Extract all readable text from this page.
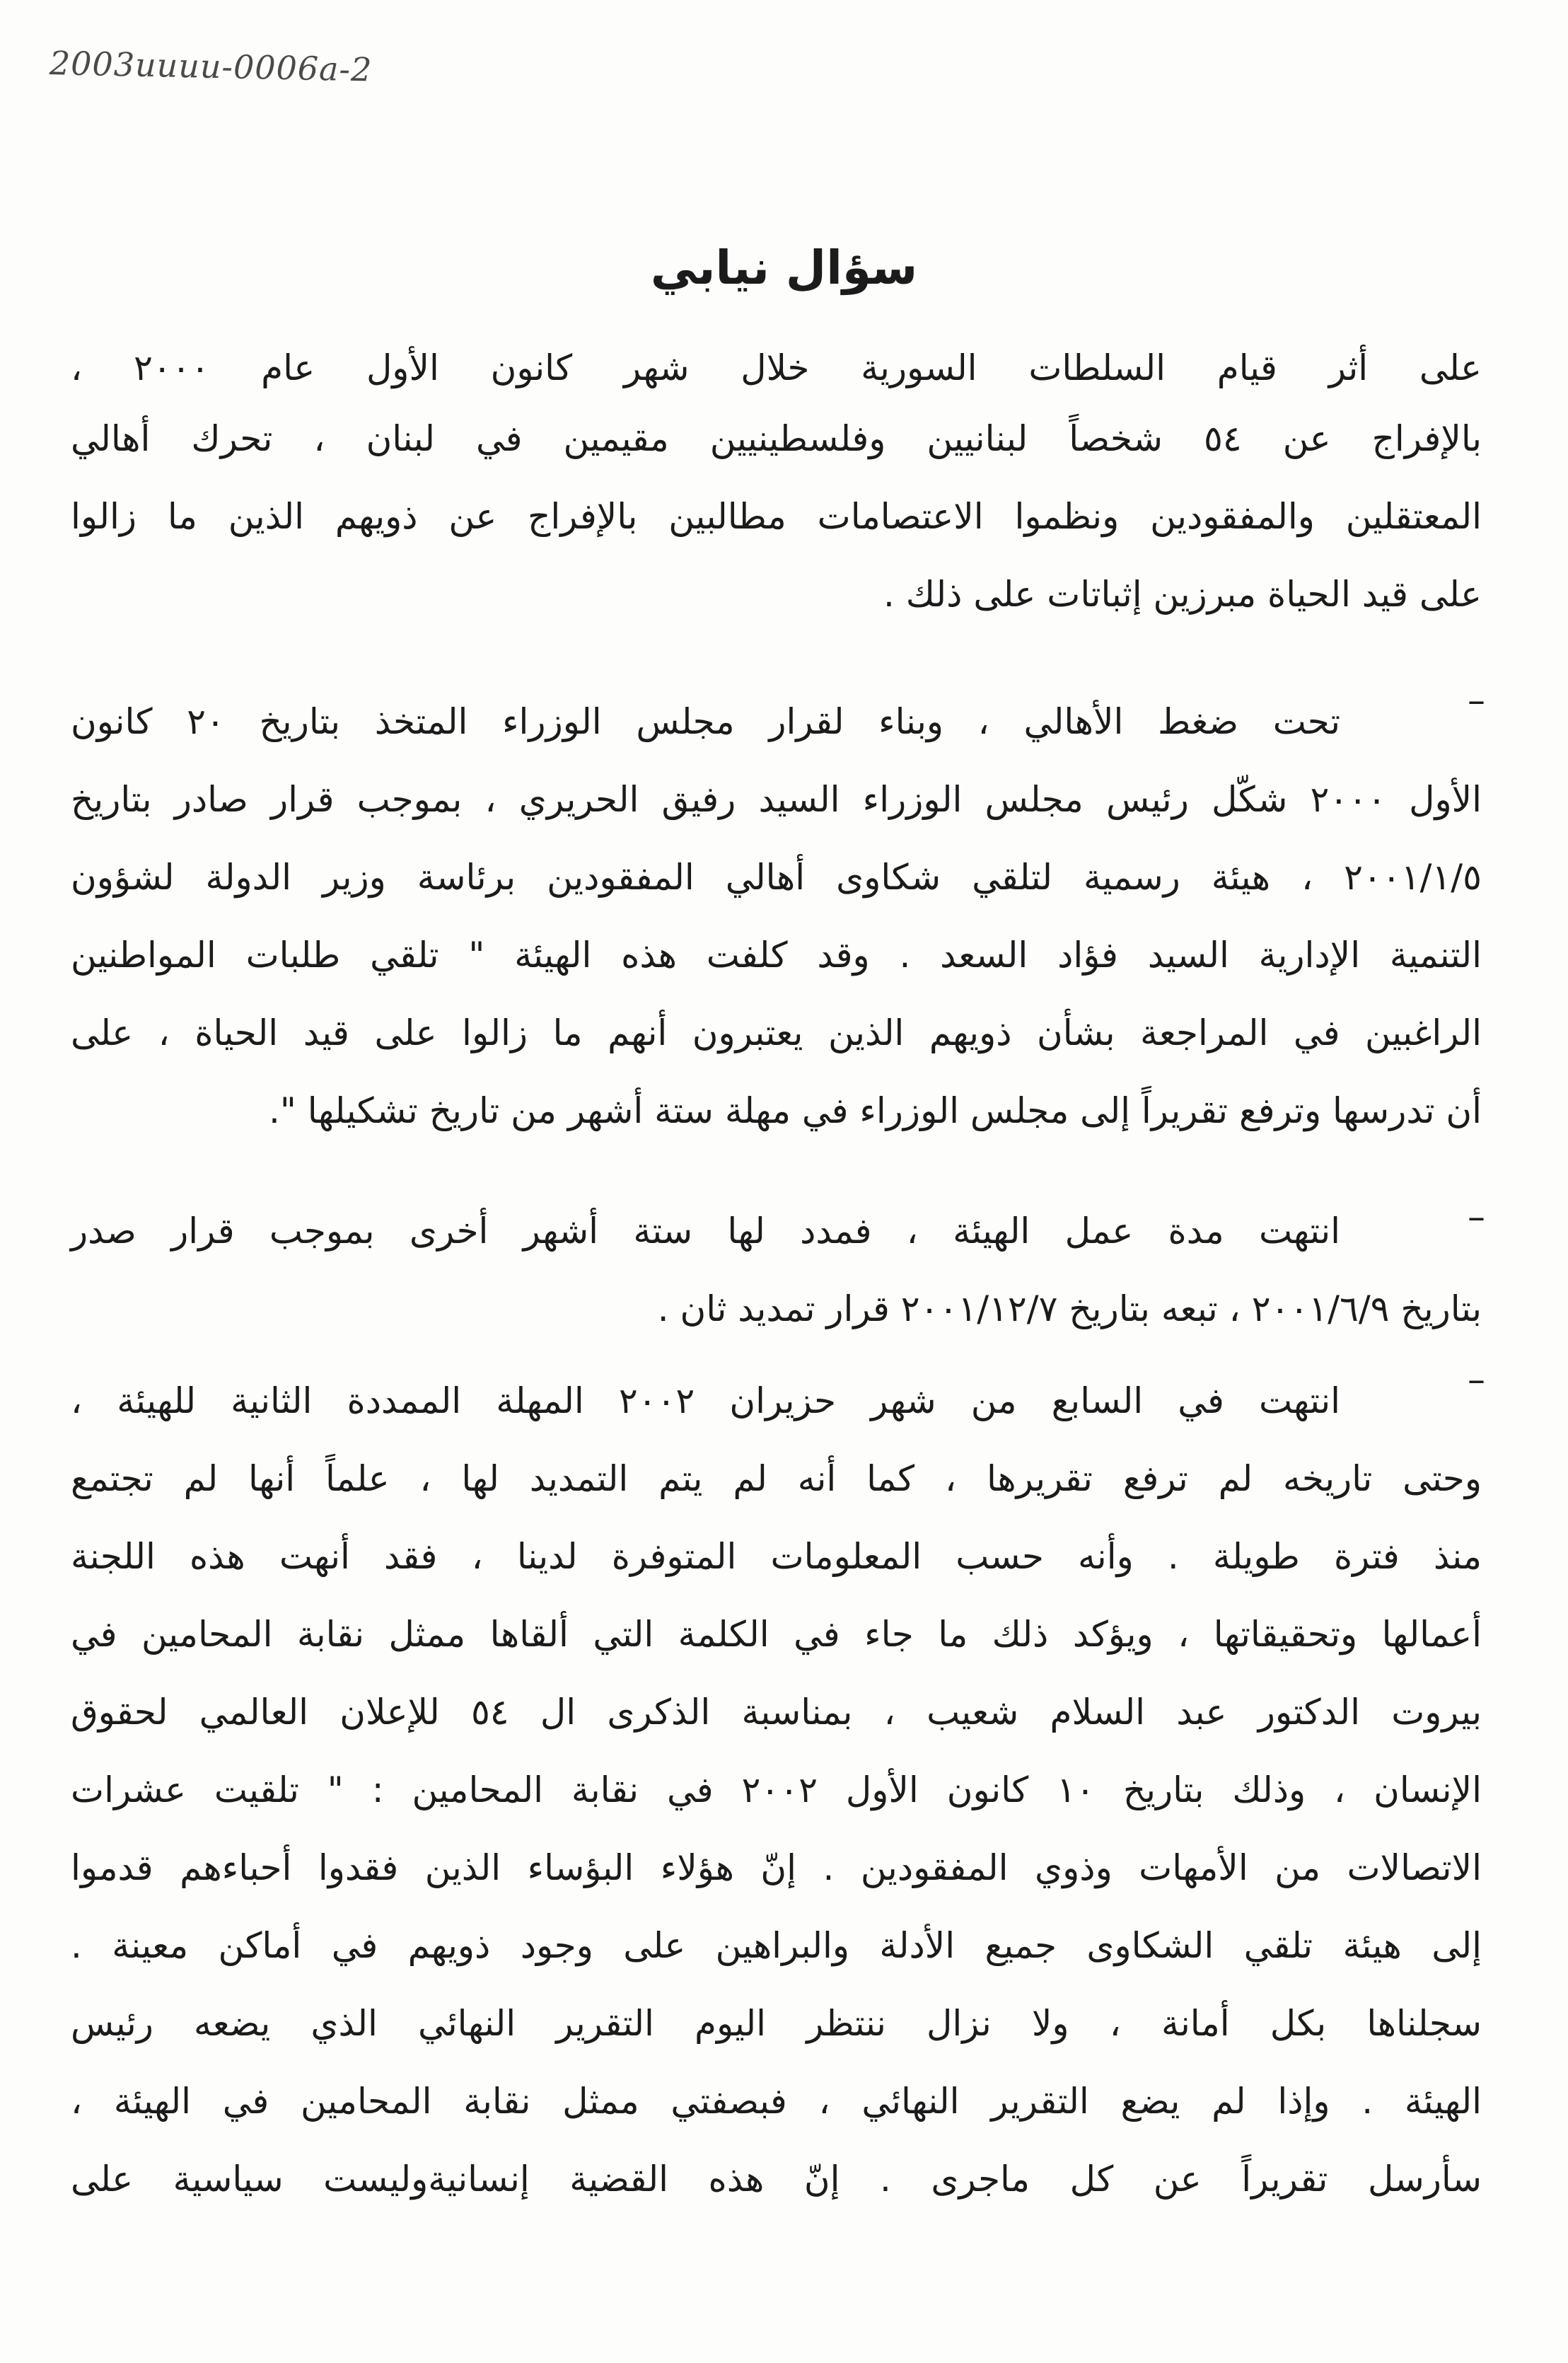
2003uuuu-0006a-2
سؤال نيابي
على أثر قيام السلطات السورية خلال شهر كانون الأول عام ٢٠٠٠ ،
بالإفراج عن ٥٤ شخصاً لبنانيين وفلسطينيين مقيمين في لبنان ، تحرك أهالي
المعتقلين والمفقودين ونظموا الاعتصامات مطالبين بالإفراج عن ذويهم الذين ما زالوا
على قيد الحياة مبرزين إثباتات على ذلك .
–
تحت ضغط الأهالي ، وبناء لقرار مجلس الوزراء المتخذ بتاريخ ٢٠ كانون
الأول ٢٠٠٠ شكّل رئيس مجلس الوزراء السيد رفيق الحريري ، بموجب قرار صادر بتاريخ
٢٠٠١/١/٥ ، هيئة رسمية لتلقي شكاوى أهالي المفقودين برئاسة وزير الدولة لشؤون
التنمية الإدارية السيد فؤاد السعد . وقد كلفت هذه الهيئة " تلقي طلبات المواطنين
الراغبين في المراجعة بشأن ذويهم الذين يعتبرون أنهم ما زالوا على قيد الحياة ، على
أن تدرسها وترفع تقريراً إلى مجلس الوزراء في مهلة ستة أشهر من تاريخ تشكيلها ".
–
انتهت مدة عمل الهيئة ، فمدد لها ستة أشهر أخرى بموجب قرار صدر
بتاريخ ٢٠٠١/٦/٩ ، تبعه بتاريخ ٢٠٠١/١٢/٧ قرار تمديد ثان .
–
انتهت في السابع من شهر حزيران ٢٠٠٢ المهلة الممددة الثانية للهيئة ،
وحتى تاريخه لم ترفع تقريرها ، كما أنه لم يتم التمديد لها ، علماً أنها لم تجتمع
منذ فترة طويلة . وأنه حسب المعلومات المتوفرة لدينا ، فقد أنهت هذه اللجنة
أعمالها وتحقيقاتها ، ويؤكد ذلك ما جاء في الكلمة التي ألقاها ممثل نقابة المحامين في
بيروت الدكتور عبد السلام شعيب ، بمناسبة الذكرى ال ٥٤ للإعلان العالمي لحقوق
الإنسان ، وذلك بتاريخ ١٠ كانون الأول ٢٠٠٢ في نقابة المحامين : " تلقيت عشرات
الاتصالات من الأمهات وذوي المفقودين . إنّ هؤلاء البؤساء الذين فقدوا أحباءهم قدموا
إلى هيئة تلقي الشكاوى جميع الأدلة والبراهين على وجود ذويهم في أماكن معينة .
سجلناها بكل أمانة ، ولا نزال ننتظر اليوم التقرير النهائي الذي يضعه رئيس
الهيئة . وإذا لم يضع التقرير النهائي ، فبصفتي ممثل نقابة المحامين في الهيئة ،
سأرسل تقريراً عن كل ماجرى . إنّ هذه القضية إنسانيةوليست سياسية على
